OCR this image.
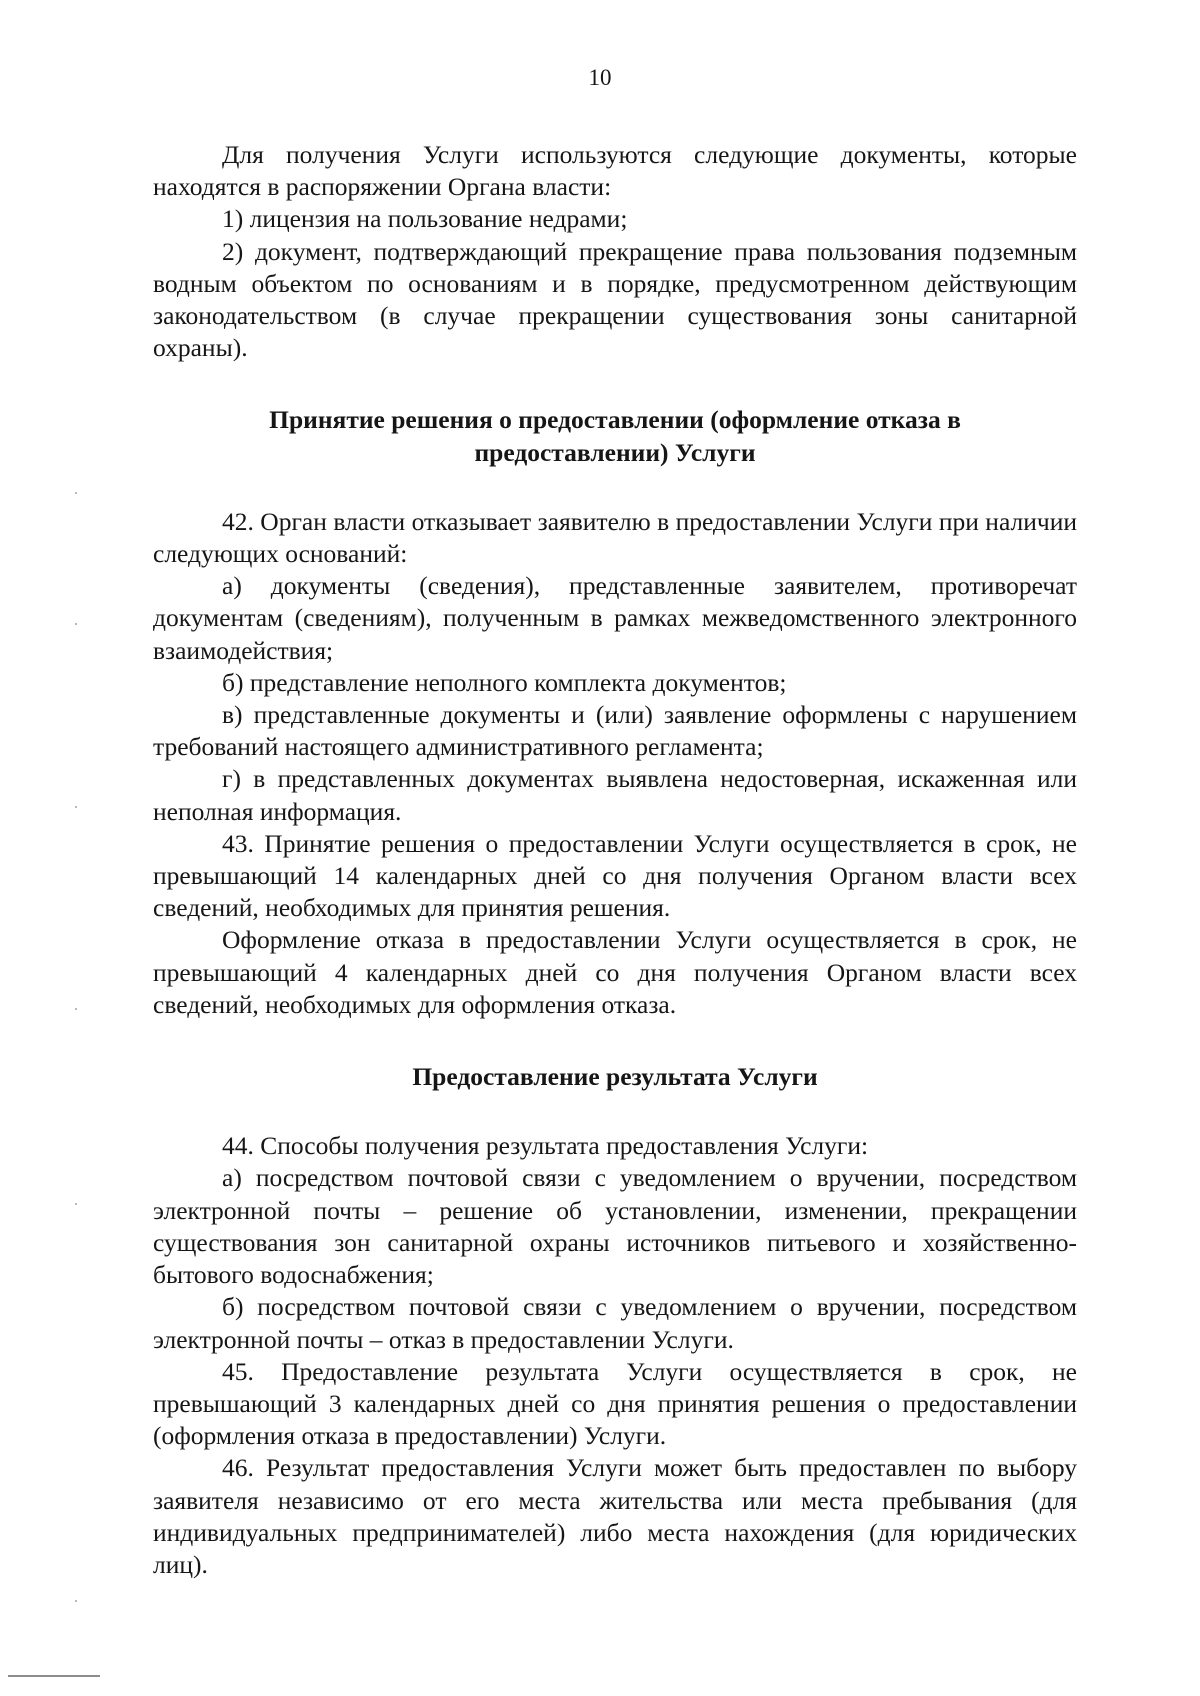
10

Для получения Услуги используются следующие документы, которые находятся в распоряжении Органа власти:

1) лицензия на пользование недрами;

2) документ, подтверждающий прекращение права пользования подземным водным объектом по основаниям и в порядке, предусмотренном действующим законодательством (в случае прекращении существования зоны санитарной охраны).

Принятие решения о предоставлении (оформление отказа в

предоставлении) Услуги

42. Орган власти отказывает заявителю в предоставлении Услуги при наличии следующих оснований:

а) документы (сведения), представленные заявителем, противоречат документам (сведениям), полученным в рамках межведомственного электронного взаимодействия;

б) представление неполного комплекта документов;

в) представленные документы и (или) заявление оформлены с нарушением требований настоящего административного регламента;

г) в представленных документах выявлена недостоверная, искаженная или неполная информация.

43. Принятие решения о предоставлении Услуги осуществляется в срок, не превышающий 14 календарных дней со дня получения Органом власти всех сведений, необходимых для принятия решения.

Оформление отказа в предоставлении Услуги осуществляется в срок, не превышающий 4 календарных дней со дня получения Органом власти всех сведений, необходимых для оформления отказа.

Предоставление результата Услуги

44. Способы получения результата предоставления Услуги:

а) посредством почтовой связи с уведомлением о вручении, посредством электронной почты – решение об установлении, изменении, прекращении существования зон санитарной охраны источников питьевого и хозяйственно-бытового водоснабжения;

б) посредством почтовой связи с уведомлением о вручении, посредством электронной почты – отказ в предоставлении Услуги.

45. Предоставление результата Услуги осуществляется в срок, не превышающий 3 календарных дней со дня принятия решения о предоставлении (оформления отказа в предоставлении) Услуги.

46. Результат предоставления Услуги может быть предоставлен по выбору заявителя независимо от его места жительства или места пребывания (для индивидуальных предпринимателей) либо места нахождения (для юридических лиц).
